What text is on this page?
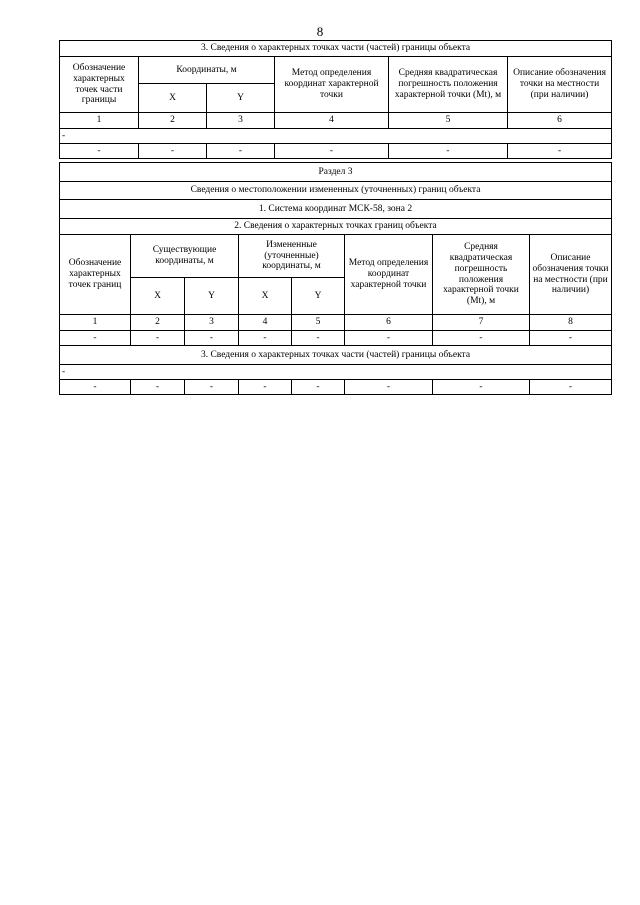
8
3. Сведения о характерных точках части (частей) границы объекта					
Обозначение характерных точек части границы	Координаты, м		Метод определения координат характерной точки	Средняя квадратическая погрешность положения характерной точки (Mt), м	Описание обозначения точки на местности (при наличии)
	X	Y			
1	2	3	4	5	6
-					
-	-	-	-	-	-
Раздел 3							
Сведения о местоположении измененных (уточненных) границ объекта							
1. Система координат МСК-58, зона 2							
2. Сведения о характерных точках границ объекта							
Обозначение характерных точек границ	Существующие координаты, м		Измененные (уточненные) координаты, м		Метод определения координат характерной точки	Средняя квадратическая погрешность положения характерной точки (Mt), м	Описание обозначения точки на местности (при наличии)
	X	Y	X	Y			
1	2	3	4	5	6	7	8
-	-	-	-	-	-	-	-
3. Сведения о характерных точках части (частей) границы объекта							
-							
-	-	-	-	-	-	-	-
